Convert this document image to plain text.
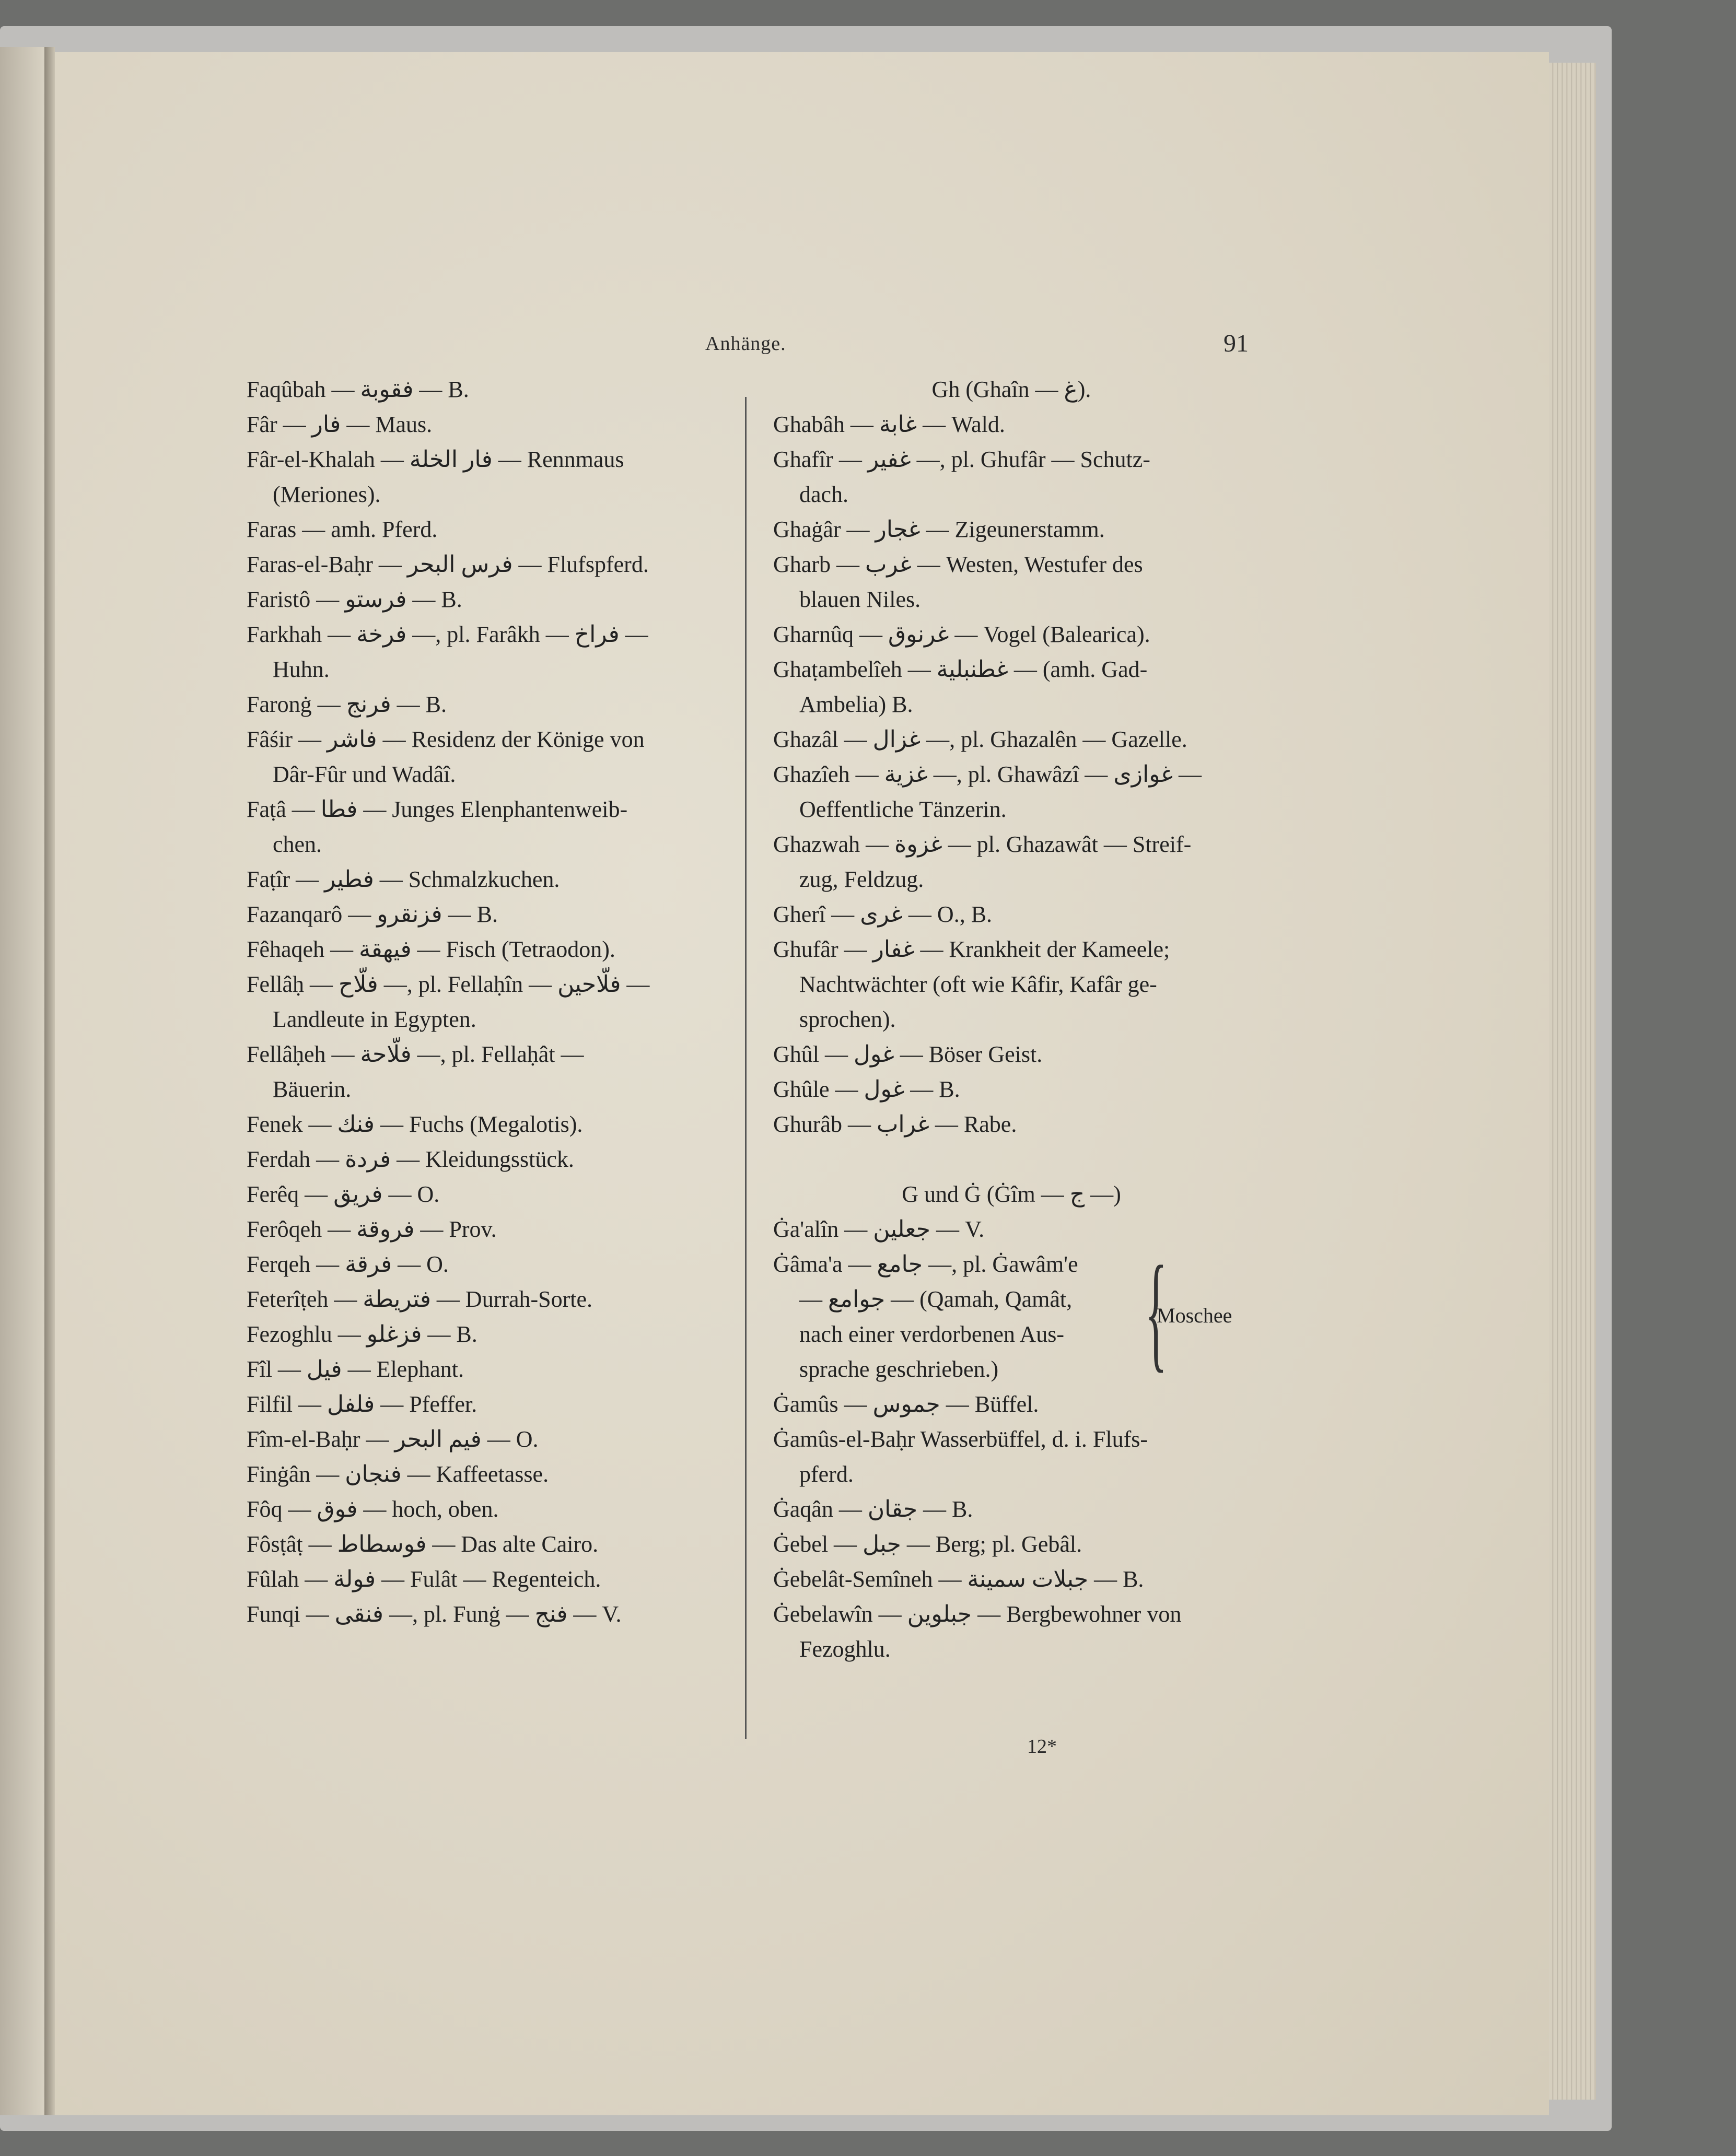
Anhänge.	91
Faqûbah — فقوبة — B.
Fâr — فار — Maus.
Fâr-el-Khalah — فار الخلة — Rennmaus
(Meriones).
Faras — amh. Pferd.
Faras-el-Baḥr — فرس البحر — Flufspferd.
Faristô — فرستو — B.
Farkhah — فرخة —, pl. Farâkh — فراخ —
Huhn.
Faronġ — فرنج — B.
Fâśir — فاشر — Residenz der Könige von
Dâr-Fûr und Wadâî.
Faṭâ — فطا — Junges Elenphantenweib-
chen.
Faṭîr — فطير — Schmalzkuchen.
Fazanqarô — فزنقرو — B.
Fêhaqeh — فيهقة — Fisch (Tetraodon).
Fellâḥ — فلّاح —, pl. Fellaḥîn — فلّاحين —
Landleute in Egypten.
Fellâḥeh — فلّاحة —, pl. Fellaḥât —
Bäuerin.
Fenek — فنك — Fuchs (Megalotis).
Ferdah — فردة — Kleidungsstück.
Ferêq — فريق — O.
Ferôqeh — فروقة — Prov.
Ferqeh — فرقة — O.
Feterîṭeh — فتريطة — Durrah-Sorte.
Fezoghlu — فزغلو — B.
Fîl — فيل — Elephant.
Filfil — فلفل — Pfeffer.
Fîm-el-Baḥr — فيم البحر — O.
Finġân — فنجان — Kaffeetasse.
Fôq — فوق — hoch, oben.
Fôsṭâṭ — فوسطاط — Das alte Cairo.
Fûlah — فولة — Fulât — Regenteich.
Funqi — فنقى —, pl. Funġ — فنج — V.
Gh (Ghaîn — غ).
Ghabâh — غابة — Wald.
Ghafîr — غفير —, pl. Ghufâr — Schutz-
dach.
Ghaġâr — غجار — Zigeunerstamm.
Gharb — غرب — Westen, Westufer des
blauen Niles.
Gharnûq — غرنوق — Vogel (Balearica).
Ghaṭambelîeh — غطنبلية — (amh. Gad-
Ambelia) B.
Ghazâl — غزال —, pl. Ghazalên — Gazelle.
Ghazîeh — غزية —, pl. Ghawâzî — غوازى —
Oeffentliche Tänzerin.
Ghazwah — غزوة — pl. Ghazawât — Streif-
zug, Feldzug.
Gherî — غرى — O., B.
Ghufâr — غفار — Krankheit der Kameele;
Nachtwächter (oft wie Kâfir, Kafâr ge-
sprochen).
Ghûl — غول — Böser Geist.
Ghûle — غول — B.
Ghurâb — غراب — Rabe.
G und Ġ (Ġîm — ج —)
Ġa'alîn — جعلين — V.
Ġâma'a — جامع —, pl. Ġawâm'e
— جوامع — (Qamah, Qamât,
nach einer verdorbenen Aus-
sprache geschrieben.)	{
Moschee
Ġamûs — جموس — Büffel.
Ġamûs-el-Baḥr Wasserbüffel, d. i. Flufs-
pferd.
Ġaqân — جقان — B.
Ġebel — جبل — Berg; pl. Gebâl.
Ġebelât-Semîneh — جبلات سمينة — B.
Ġebelawîn — جبلوين — Bergbewohner von
Fezoghlu.
12*
